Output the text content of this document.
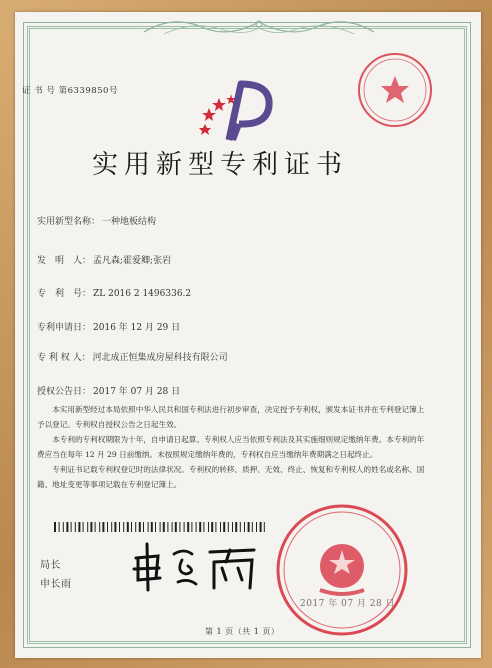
证 书 号 第6339850号
实用新型专利证书
实用新型名称： 一种地板结构
发　明　人： 孟凡森;霍爱卿;张岩
专　利　号： ZL 2016 2 1496336.2
专利申请日： 2016 年 12 月 29 日
专 利 权 人： 河北成正恒集成房屋科技有限公司
授权公告日： 2017 年 07 月 28 日

本实用新型经过本局依照中华人民共和国专利法进行初步审查，决定授予专利权，颁发本证书并在专利登记簿上予以登记。专利权自授权公告之日起生效。

本专利的专利权期限为十年，自申请日起算。专利权人应当依照专利法及其实施细则规定缴纳年费。本专利的年费应当在每年 12 月 29 日前缴纳。未按照规定缴纳年费的，专利权自应当缴纳年费期满之日起终止。

专利证书记载专利权登记时的法律状况。专利权的转移、质押、无效、终止、恢复和专利权人的姓名或名称、国籍、地址变更等事项记载在专利登记簿上。

局长
申长雨
2017 年 07 月 28 日
第 1 页（共 1 页）
